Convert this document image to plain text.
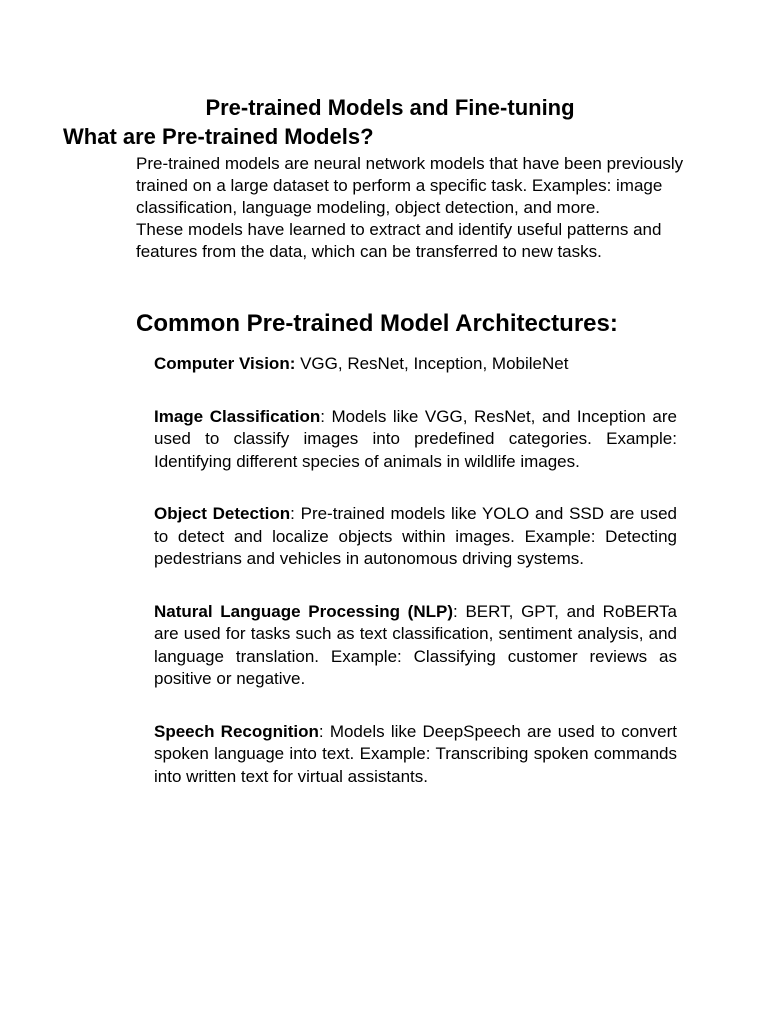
Pre-trained Models and Fine-tuning
What are Pre-trained Models?

Pre-trained models are neural network models that have been previously trained on a large dataset to perform a specific task. Examples: image classification, language modeling, object detection, and more.

These models have learned to extract and identify useful patterns and features from the data, which can be transferred to new tasks.

Common Pre-trained Model Architectures:

Computer Vision: VGG, ResNet, Inception, MobileNet

Image Classification: Models like VGG, ResNet, and Inception are used to classify images into predefined categories. Example: Identifying different species of animals in wildlife images.

Object Detection: Pre-trained models like YOLO and SSD are used to detect and localize objects within images. Example: Detecting pedestrians and vehicles in autonomous driving systems.

Natural Language Processing (NLP): BERT, GPT, and RoBERTa are used for tasks such as text classification, sentiment analysis, and language translation. Example: Classifying customer reviews as positive or negative.

Speech Recognition: Models like DeepSpeech are used to convert spoken language into text. Example: Transcribing spoken commands into written text for virtual assistants.
